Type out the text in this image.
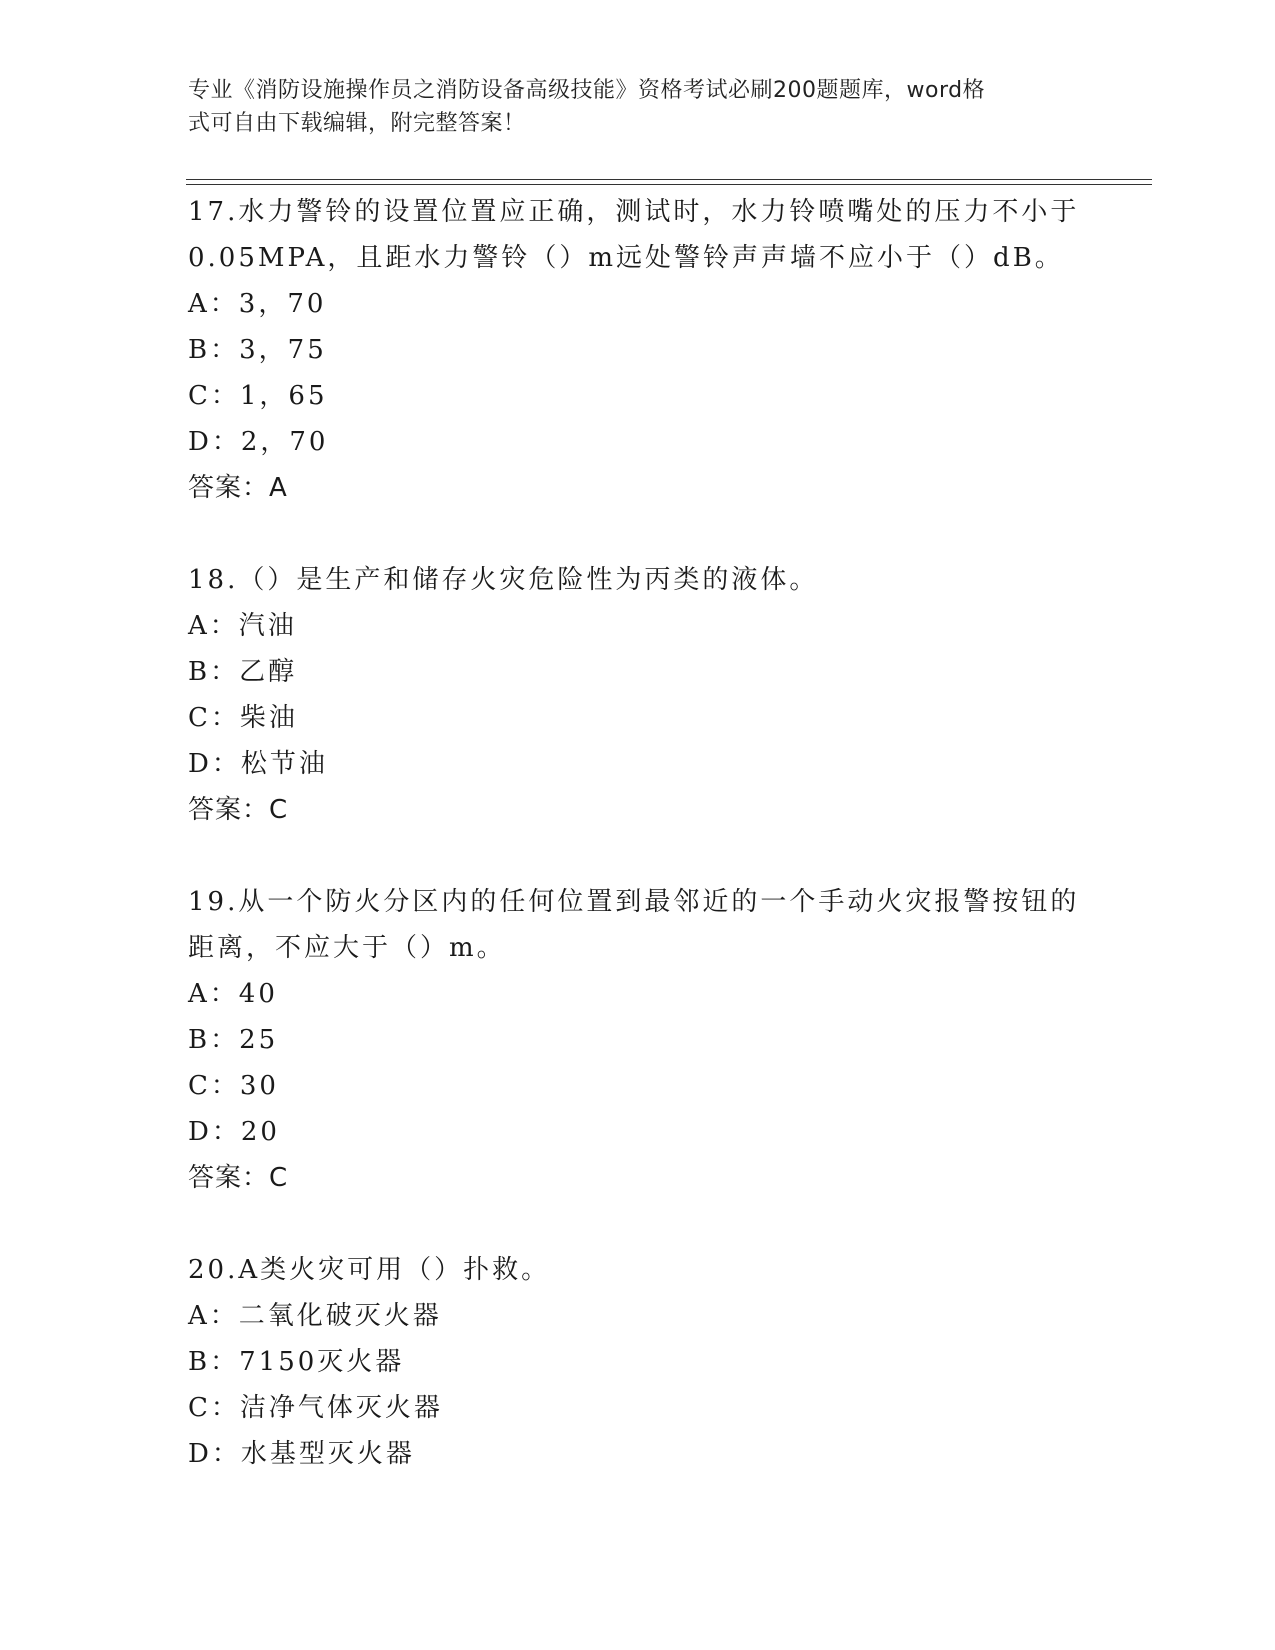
专业《消防设施操作员之消防设备高级技能》资格考试必刷200题题库，word格
式可自由下载编辑，附完整答案！

17.水力警铃的设置位置应正确，测试时，水力铃喷嘴处的压力不小于

0.05MPA，且距水力警铃（）m远处警铃声声墙不应小于（）dB。

A：3，70

B：3，75

C：1，65

D：2，70

答案：A

18.（）是生产和储存火灾危险性为丙类的液体。

A：汽油

B：乙醇

C：柴油

D：松节油

答案：C

19.从一个防火分区内的任何位置到最邻近的一个手动火灾报警按钮的

距离，不应大于（）m。

A：40

B：25

C：30

D：20

答案：C

20.A类火灾可用（）扑救。

A：二氧化破灭火器

B：7150灭火器

C：洁净气体灭火器

D：水基型灭火器
